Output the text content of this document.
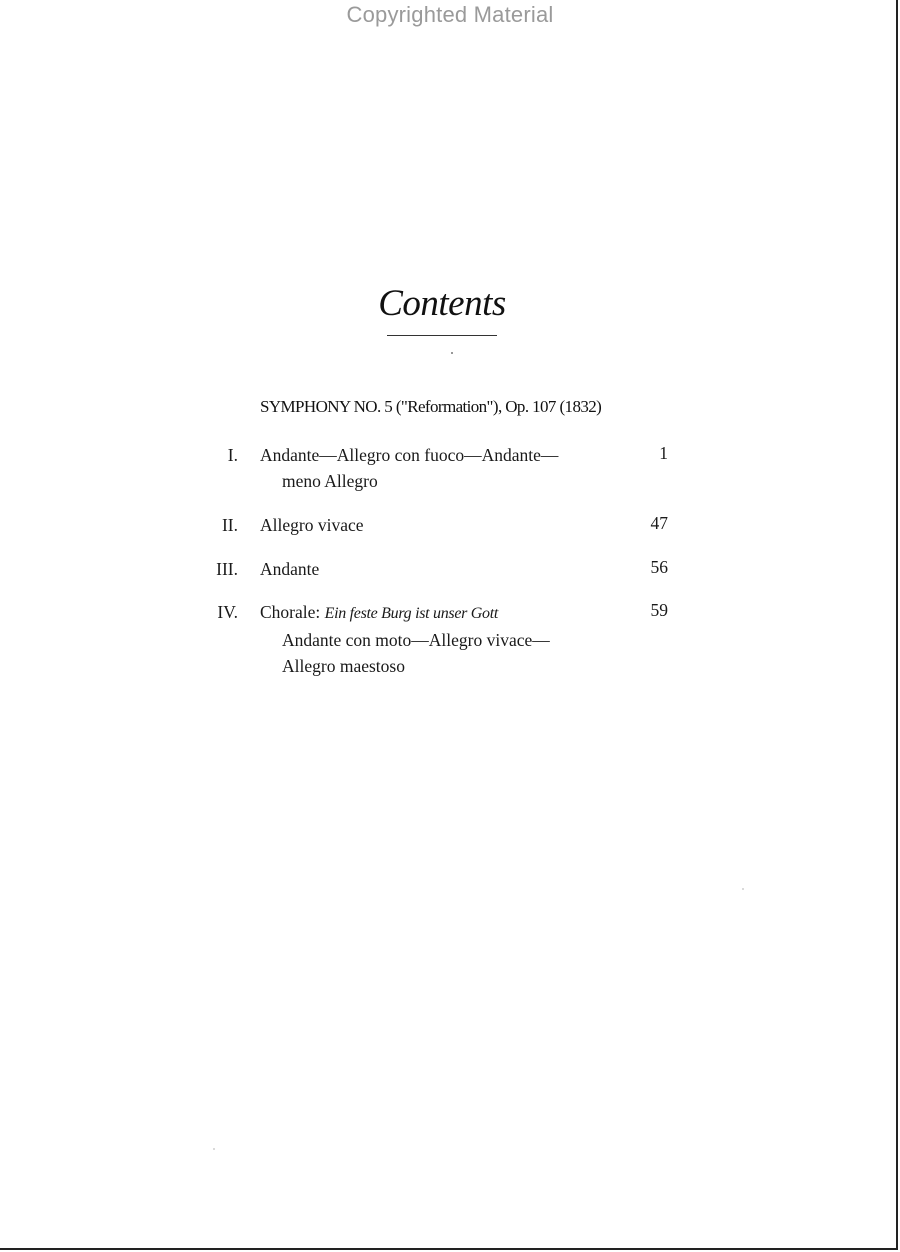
Copyrighted Material
Contents
SYMPHONY NO. 5 ("Reformation"), Op. 107 (1832)
I. Andante—Allegro con fuoco—Andante—
meno Allegro
1
II. Allegro vivace	47
III. Andante	56
IV. Chorale: Ein feste Burg ist unser Gott
Andante con moto—Allegro vivace—
Allegro maestoso
59
